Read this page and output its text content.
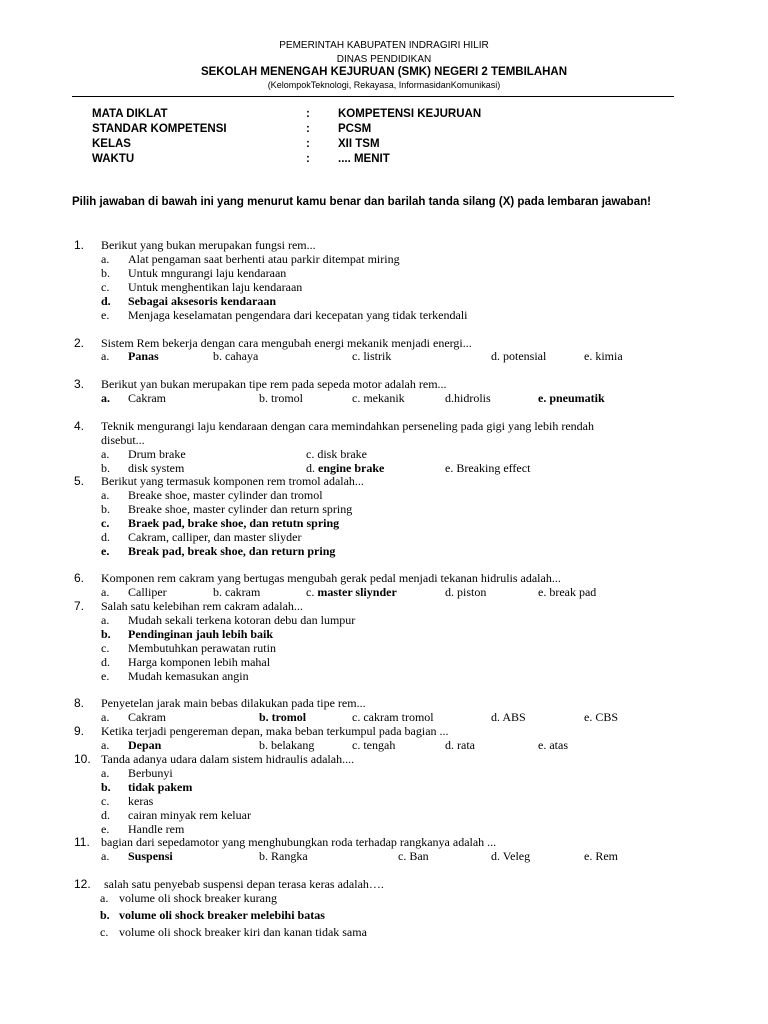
PEMERINTAH KABUPATEN INDRAGIRI HILIR
DINAS PENDIDIKAN
SEKOLAH MENENGAH KEJURUAN (SMK) NEGERI 2 TEMBILAHAN
(KelompokTeknologi, Rekayasa, InformasidanKomunikasi)
MATA DIKLAT	: KOMPETENSI KEJURUAN
STANDAR KOMPETENSI	: PCSM
KELAS	: XII TSM
WAKTU	: .... MENIT
Pilih jawaban di bawah ini yang menurut kamu benar dan barilah tanda silang (X) pada lembaran jawaban!
1. Berikut yang bukan merupakan fungsi rem...
a. Alat pengaman saat berhenti atau parkir ditempat miring
b. Untuk mngurangi laju kendaraan
c. Untuk menghentikan laju kendaraan
d. Sebagai aksesoris kendaraan
e. Menjaga keselamatan pengendara dari kecepatan yang tidak terkendali
2. Sistem Rem bekerja dengan cara mengubah energi mekanik menjadi energi...
a. Panas	b. cahaya	c. listrik	d. potensial	e. kimia
3. Berikut yan bukan merupakan tipe rem pada sepeda motor adalah rem...
a. Cakram	b. tromol	c. mekanik	d.hidrolis	e. pneumatik
4. Teknik mengurangi laju kendaraan dengan cara memindahkan perseneling pada gigi yang lebih rendah
disebut...
a. Drum brake	c. disk brake
b. disk system	d. engine brake	e. Breaking effect
5. Berikut yang termasuk komponen rem tromol adalah...
a. Breake shoe, master cylinder dan tromol
b. Breake shoe, master cylinder dan return spring
c. Braek pad, brake shoe, dan retutn spring
d. Cakram, calliper, dan master sliyder
e. Break pad, break shoe, dan return pring
6. Komponen rem cakram yang bertugas mengubah gerak pedal menjadi tekanan hidrulis adalah...
a. Calliper	b. cakram	c. master sliynder	d. piston	e. break pad
7. Salah satu kelebihan rem cakram adalah...
a. Mudah sekali terkena kotoran debu dan lumpur
b. Pendinginan jauh lebih baik
c. Membutuhkan perawatan rutin
d. Harga komponen lebih mahal
e. Mudah kemasukan angin
8. Penyetelan jarak main bebas dilakukan pada tipe rem...
a. Cakram	b. tromol	c. cakram tromol	d. ABS	e. CBS
9. Ketika terjadi pengereman depan, maka beban terkumpul pada bagian ...
a. Depan	b. belakang	c. tengah	d. rata	e. atas
10. Tanda adanya udara dalam sistem hidraulis adalah....
a. Berbunyi
b. tidak pakem
c. keras
d. cairan minyak rem keluar
e. Handle rem
11. bagian dari sepedamotor yang menghubungkan roda terhadap rangkanya adalah ...
a. Suspensi	b. Rangka	c. Ban	d. Veleg	e. Rem
12. salah satu penyebab suspensi depan terasa keras adalah….
a. volume oli shock breaker kurang
b. volume oli shock breaker melebihi batas
c. volume oli shock breaker kiri dan kanan tidak sama
